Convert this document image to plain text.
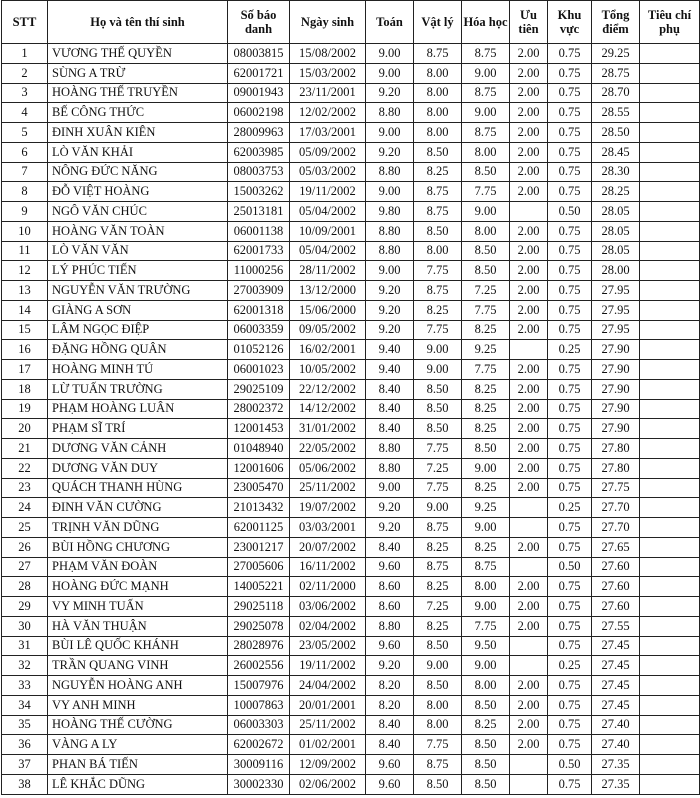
STT	Họ và tên thí sinh	Số báo danh	Ngày sinh	Toán	Vật lý	Hóa học	Ưu tiên	Khu vực	Tổng điểm	Tiêu chí phụ
1	VƯƠNG THẾ QUYỀN	08003815	15/08/2002	9.00	8.75	8.75	2.00	0.75	29.25	
2	SÙNG A TRỪ	62001721	15/03/2002	9.00	8.00	9.00	2.00	0.75	28.75	
3	HOÀNG THẾ TRUYỀN	09001943	23/11/2001	9.20	8.00	8.75	2.00	0.75	28.70	
4	BẾ CÔNG THỨC	06002198	12/02/2002	8.80	8.00	9.00	2.00	0.75	28.55	
5	ĐINH XUÂN KIÊN	28009963	17/03/2001	9.00	8.00	8.75	2.00	0.75	28.50	
6	LÒ VĂN KHẢI	62003985	05/09/2002	9.20	8.50	8.00	2.00	0.75	28.45	
7	NÔNG ĐỨC NĂNG	08003753	05/03/2002	8.80	8.25	8.50	2.00	0.75	28.30	
8	ĐỖ VIỆT HOÀNG	15003262	19/11/2002	9.00	8.75	7.75	2.00	0.75	28.25	
9	NGÔ VĂN CHÚC	25013181	05/04/2002	9.80	8.75	9.00		0.50	28.05	
10	HOÀNG VĂN TOÀN	06001138	10/09/2001	8.80	8.50	8.00	2.00	0.75	28.05	
11	LÒ VĂN VĂN	62001733	05/04/2002	8.80	8.00	8.50	2.00	0.75	28.05	
12	LÝ PHÚC TIẾN	11000256	28/11/2002	9.00	7.75	8.50	2.00	0.75	28.00	
13	NGUYỄN VĂN TRƯỜNG	27003909	13/12/2000	9.20	8.75	7.25	2.00	0.75	27.95	
14	GIÀNG A SƠN	62001318	15/06/2000	9.20	8.25	7.75	2.00	0.75	27.95	
15	LÂM NGỌC ĐIỆP	06003359	09/05/2002	9.20	7.75	8.25	2.00	0.75	27.95	
16	ĐẶNG HỒNG QUÂN	01052126	16/02/2001	9.40	9.00	9.25		0.25	27.90	
17	HOÀNG MINH TÚ	06001023	10/05/2002	9.40	9.00	7.75	2.00	0.75	27.90	
18	LỪ TUẤN TRƯỜNG	29025109	22/12/2002	8.40	8.50	8.25	2.00	0.75	27.90	
19	PHẠM HOÀNG LUÂN	28002372	14/12/2002	8.40	8.50	8.25	2.00	0.75	27.90	
20	PHẠM SĨ TRÍ	12001453	31/01/2002	8.40	8.50	8.25	2.00	0.75	27.90	
21	DƯƠNG VĂN CẢNH	01048940	22/05/2002	8.80	7.75	8.50	2.00	0.75	27.80	
22	DƯƠNG VĂN DUY	12001606	05/06/2002	8.80	7.25	9.00	2.00	0.75	27.80	
23	QUÁCH THANH HÙNG	23005470	25/11/2002	9.00	7.75	8.25	2.00	0.75	27.75	
24	ĐINH VĂN CƯỜNG	21013432	19/07/2002	9.20	9.00	9.25		0.25	27.70	
25	TRỊNH VĂN DŨNG	62001125	03/03/2001	9.20	8.75	9.00		0.75	27.70	
26	BÙI HỒNG CHƯƠNG	23001217	20/07/2002	8.40	8.25	8.25	2.00	0.75	27.65	
27	PHẠM VĂN ĐOÀN	27005606	16/11/2002	9.60	8.75	8.75		0.50	27.60	
28	HOÀNG ĐỨC MẠNH	14005221	02/11/2000	8.60	8.25	8.00	2.00	0.75	27.60	
29	VY MINH TUẤN	29025118	03/06/2002	8.60	7.25	9.00	2.00	0.75	27.60	
30	HÀ VĂN THUẬN	29025078	02/04/2002	8.80	8.25	7.75	2.00	0.75	27.55	
31	BÙI LÊ QUỐC KHÁNH	28028976	23/05/2002	9.60	8.50	9.50		0.75	27.45	
32	TRẦN QUANG VINH	26002556	19/11/2002	9.20	9.00	9.00		0.25	27.45	
33	NGUYỄN HOÀNG ANH	15007976	24/04/2002	8.20	8.50	8.00	2.00	0.75	27.45	
34	VY ANH MINH	10007863	20/01/2001	8.20	8.00	8.50	2.00	0.75	27.45	
35	HOÀNG THẾ CƯỜNG	06003303	25/11/2002	8.40	8.00	8.25	2.00	0.75	27.40	
36	VÀNG A LY	62002672	01/02/2001	8.40	7.75	8.50	2.00	0.75	27.40	
37	PHAN BÁ TIẾN	30009116	12/09/2002	9.60	8.75	8.50		0.50	27.35	
38	LÊ KHẮC DŨNG	30002330	02/06/2002	9.60	8.50	8.50		0.75	27.35	
